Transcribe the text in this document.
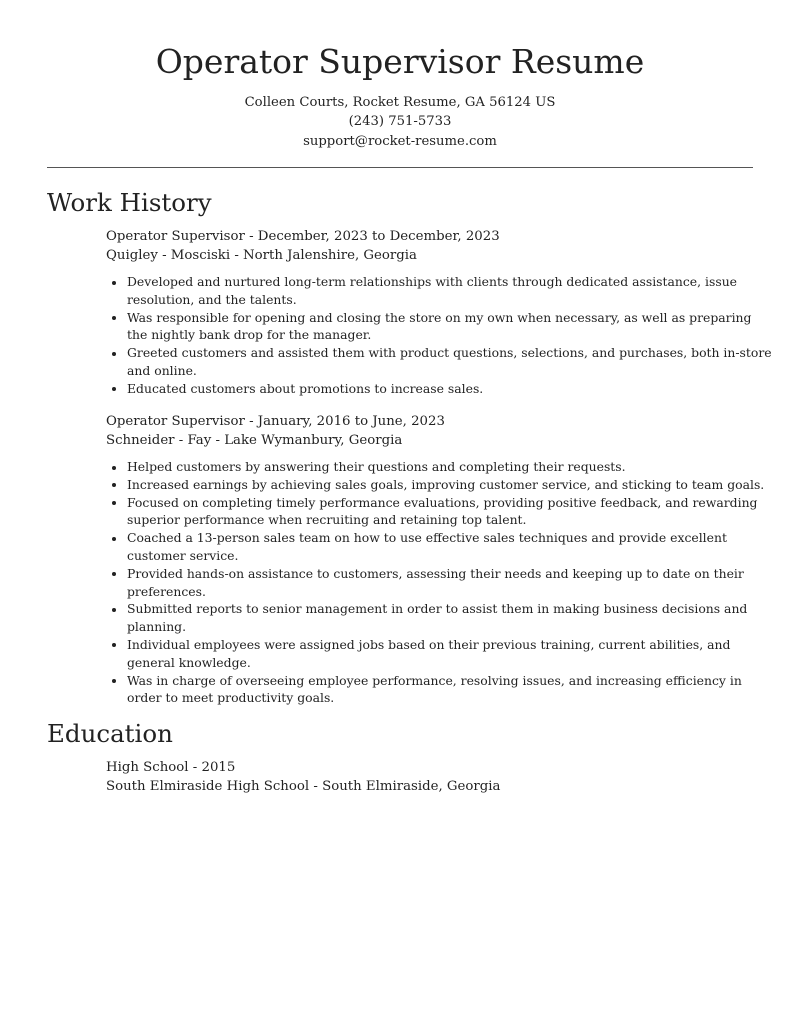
Operator Supervisor Resume
Colleen Courts, Rocket Resume, GA 56124 US
(243) 751-5733
support@rocket-resume.com
Work History
Operator Supervisor - December, 2023 to December, 2023
Quigley - Mosciski - North Jalenshire, Georgia
Developed and nurtured long-term relationships with clients through dedicated assistance, issue resolution, and the talents.
Was responsible for opening and closing the store on my own when necessary, as well as preparing the nightly bank drop for the manager.
Greeted customers and assisted them with product questions, selections, and purchases, both in-store and online.
Educated customers about promotions to increase sales.
Operator Supervisor - January, 2016 to June, 2023
Schneider - Fay - Lake Wymanbury, Georgia
Helped customers by answering their questions and completing their requests.
Increased earnings by achieving sales goals, improving customer service, and sticking to team goals.
Focused on completing timely performance evaluations, providing positive feedback, and rewarding superior performance when recruiting and retaining top talent.
Coached a 13-person sales team on how to use effective sales techniques and provide excellent customer service.
Provided hands-on assistance to customers, assessing their needs and keeping up to date on their preferences.
Submitted reports to senior management in order to assist them in making business decisions and planning.
Individual employees were assigned jobs based on their previous training, current abilities, and general knowledge.
Was in charge of overseeing employee performance, resolving issues, and increasing efficiency in order to meet productivity goals.
Education
High School - 2015
South Elmiraside High School - South Elmiraside, Georgia
